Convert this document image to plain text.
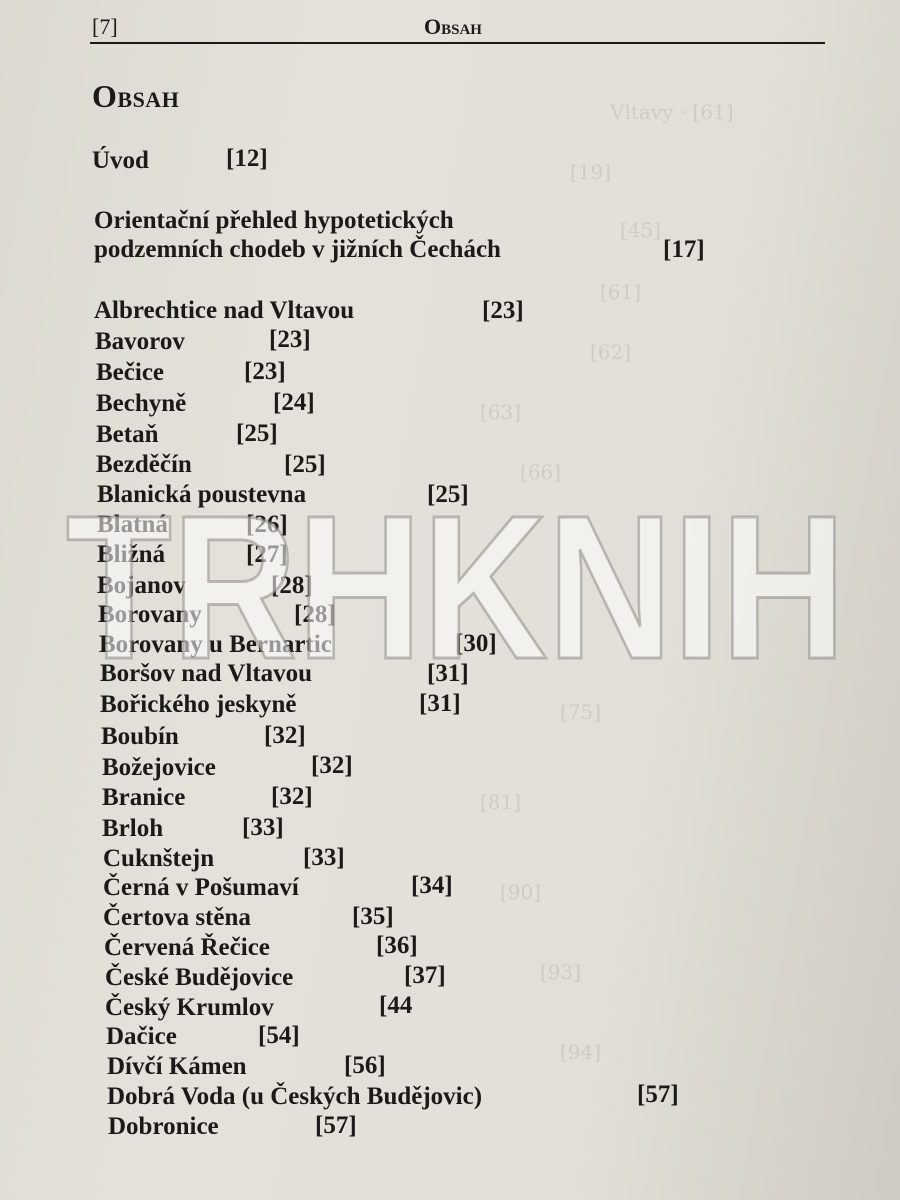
Vltavy · [61]
[19]
[45]
[61]
[62]
[63]
[66]
[75]
[81]
[90]
[93]
[94]
[7]	Obsah
Obsah
Úvod	[12]
Orientační přehled hypotetických
podzemních chodeb v jižních Čechách	[17]
Albrechtice nad Vltavou	[23]
Bavorov	[23]
Bečice	[23]
Bechyně	[24]
Betaň	[25]
Bezděčín	[25]
Blanická poustevna	[25]
Blatná	[26]
Bližná	[27]
Bojanov	[28]
Borovany	[28]
Borovany u Bernartic	[30]
Boršov nad Vltavou	[31]
Bořického jeskyně	[31]
Boubín	[32]
Božejovice	[32]
Branice	[32]
Brloh	[33]
Cuknštejn	[33]
Černá v Pošumaví	[34]
Čertova stěna	[35]
Červená Řečice	[36]
České Budějovice	[37]
Český Krumlov	[44
Dačice	[54]
Dívčí Kámen	[56]
Dobrá Voda (u Českých Budějovic)	[57]
Dobronice	[57]
TRHKNIH
